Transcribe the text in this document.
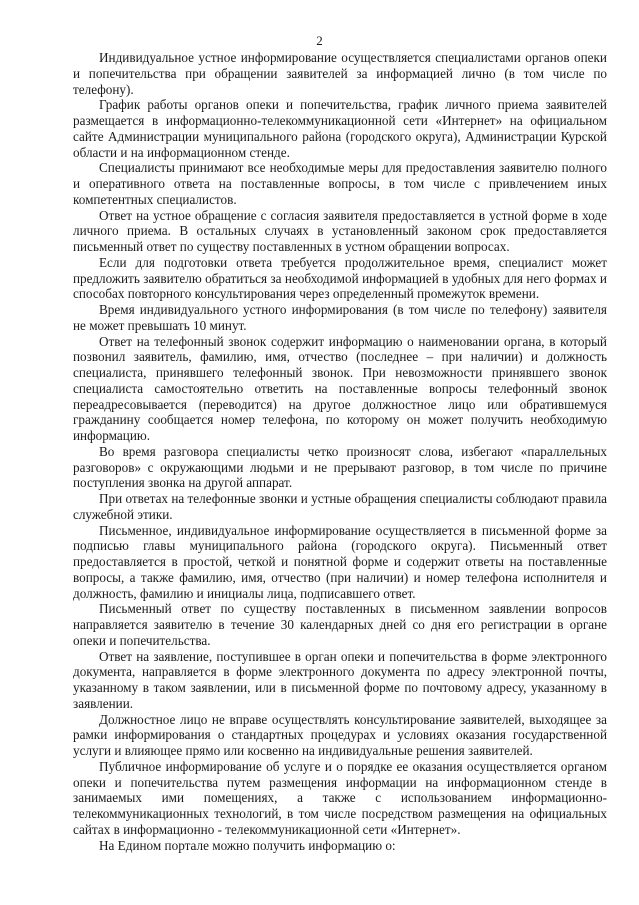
2

Индивидуальное устное информирование осуществляется специалистами органов опеки и попечительства при обращении заявителей за информацией лично (в том числе по телефону).

График работы органов опеки и попечительства, график личного приема заявителей размещается в информационно-телекоммуникационной сети «Интернет» на официальном сайте Администрации муниципального района (городского округа), Администрации Курской области и на информационном стенде.

Специалисты принимают все необходимые меры для предоставления заявителю полного и оперативного ответа на поставленные вопросы, в том числе с привлечением иных компетентных специалистов.

Ответ на устное обращение с согласия заявителя предоставляется в устной форме в ходе личного приема. В остальных случаях в установленный законом срок предоставляется письменный ответ по существу поставленных в устном обращении вопросах.

Если для подготовки ответа требуется продолжительное время, специалист может предложить заявителю обратиться за необходимой информацией в удобных для него формах и способах повторного консультирования через определенный промежуток времени.

Время индивидуального устного информирования (в том числе по телефону) заявителя не может превышать 10 минут.

Ответ на телефонный звонок содержит информацию о наименовании органа, в который позвонил заявитель, фамилию, имя, отчество (последнее – при наличии) и должность специалиста, принявшего телефонный звонок. При невозможности принявшего звонок специалиста самостоятельно ответить на поставленные вопросы телефонный звонок переадресовывается (переводится) на другое должностное лицо или обратившемуся гражданину сообщается номер телефона, по которому он может получить необходимую информацию.

Во время разговора специалисты четко произносят слова, избегают «параллельных разговоров» с окружающими людьми и не прерывают разговор, в том числе по причине поступления звонка на другой аппарат.

При ответах на телефонные звонки и устные обращения специалисты соблюдают правила служебной этики.

Письменное, индивидуальное информирование осуществляется в письменной форме за подписью главы муниципального района (городского округа). Письменный ответ предоставляется в простой, четкой и понятной форме и содержит ответы на поставленные вопросы, а также фамилию, имя, отчество (при наличии) и номер телефона исполнителя и должность, фамилию и инициалы лица, подписавшего ответ.

Письменный ответ по существу поставленных в письменном заявлении вопросов направляется заявителю в течение 30 календарных дней со дня его регистрации в органе опеки и попечительства.

Ответ на заявление, поступившее в орган опеки и попечительства в форме электронного документа, направляется в форме электронного документа по адресу электронной почты, указанному в таком заявлении, или в письменной форме по почтовому адресу, указанному в заявлении.

Должностное лицо не вправе осуществлять консультирование заявителей, выходящее за рамки информирования о стандартных процедурах и условиях оказания государственной услуги и влияющее прямо или косвенно на индивидуальные решения заявителей.

Публичное информирование об услуге и о порядке ее оказания осуществляется органом опеки и попечительства путем размещения информации на информационном стенде в занимаемых ими помещениях, а также с использованием информационно-телекоммуникационных технологий, в том числе посредством размещения на официальных сайтах в информационно - телекоммуникационной сети «Интернет».

На Едином портале можно получить информацию о:
